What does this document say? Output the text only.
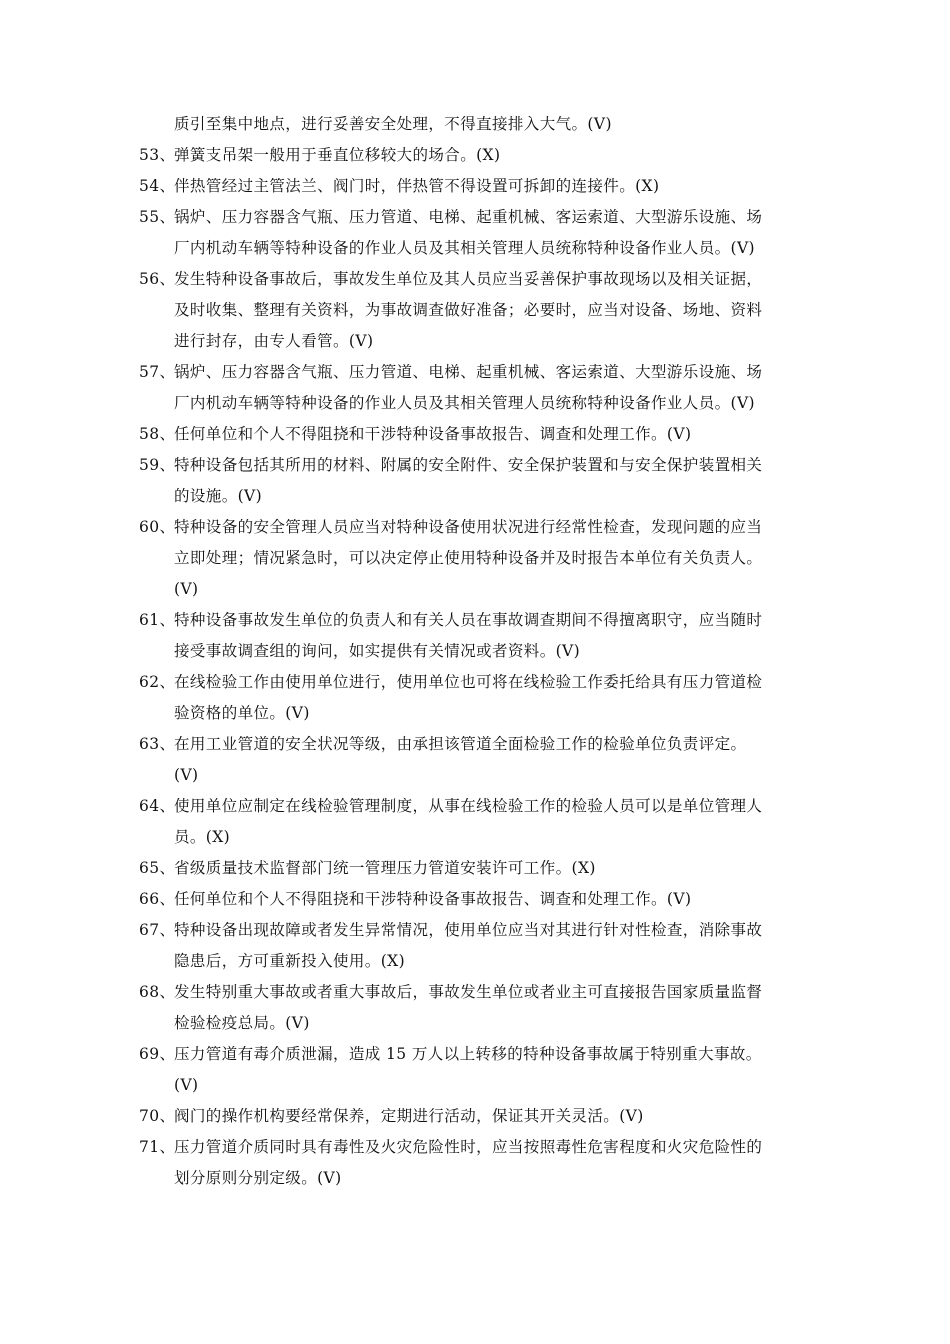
质引至集中地点，进行妥善安全处理，不得直接排入大气。(V)
53、
弹簧支吊架一般用于垂直位移较大的场合。(X)
54、
伴热管经过主管法兰、阀门时，伴热管不得设置可拆卸的连接件。(X)
55、
锅炉、压力容器含气瓶、压力管道、电梯、起重机械、客运索道、大型游乐设施、场
厂内机动车辆等特种设备的作业人员及其相关管理人员统称特种设备作业人员。(V)
56、
发生特种设备事故后，事故发生单位及其人员应当妥善保护事故现场以及相关证据，
及时收集、整理有关资料，为事故调查做好准备；必要时，应当对设备、场地、资料
进行封存，由专人看管。(V)
57、
锅炉、压力容器含气瓶、压力管道、电梯、起重机械、客运索道、大型游乐设施、场
厂内机动车辆等特种设备的作业人员及其相关管理人员统称特种设备作业人员。(V)
58、
任何单位和个人不得阻挠和干涉特种设备事故报告、调查和处理工作。(V)
59、
特种设备包括其所用的材料、附属的安全附件、安全保护装置和与安全保护装置相关
的设施。(V)
60、
特种设备的安全管理人员应当对特种设备使用状况进行经常性检查，发现问题的应当
立即处理；情况紧急时，可以决定停止使用特种设备并及时报告本单位有关负责人。
(V)
61、
特种设备事故发生单位的负责人和有关人员在事故调查期间不得擅离职守，应当随时
接受事故调查组的询问，如实提供有关情况或者资料。(V)
62、
在线检验工作由使用单位进行，使用单位也可将在线检验工作委托给具有压力管道检
验资格的单位。(V)
63、
在用工业管道的安全状况等级，由承担该管道全面检验工作的检验单位负责评定。
(V)
64、
使用单位应制定在线检验管理制度，从事在线检验工作的检验人员可以是单位管理人
员。(X)
65、
省级质量技术监督部门统一管理压力管道安装许可工作。(X)
66、
任何单位和个人不得阻挠和干涉特种设备事故报告、调查和处理工作。(V)
67、
特种设备出现故障或者发生异常情况，使用单位应当对其进行针对性检查，消除事故
隐患后，方可重新投入使用。(X)
68、
发生特别重大事故或者重大事故后，事故发生单位或者业主可直接报告国家质量监督
检验检疫总局。(V)
69、
压力管道有毒介质泄漏，造成 15 万人以上转移的特种设备事故属于特别重大事故。
(V)
70、
阀门的操作机构要经常保养，定期进行活动，保证其开关灵活。(V)
71、
压力管道介质同时具有毒性及火灾危险性时，应当按照毒性危害程度和火灾危险性的
划分原则分别定级。(V)
